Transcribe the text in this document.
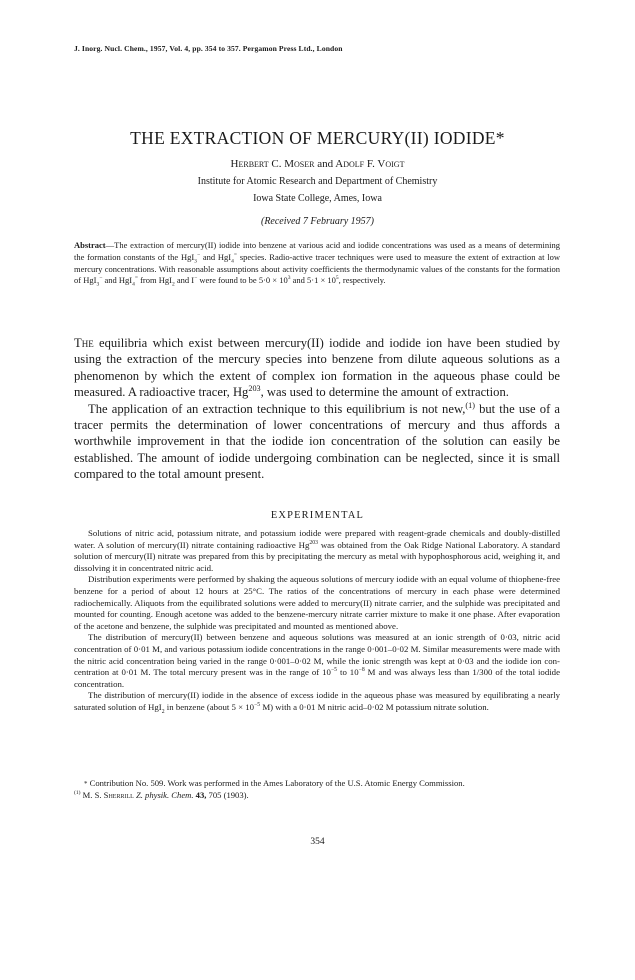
J. Inorg. Nucl. Chem., 1957, Vol. 4, pp. 354 to 357. Pergamon Press Ltd., London
THE EXTRACTION OF MERCURY(II) IODIDE*
Herbert C. Moser and Adolf F. Voigt
Institute for Atomic Research and Department of Chemistry
Iowa State College, Ames, Iowa
(Received 7 February 1957)
Abstract—The extraction of mercury(II) iodide into benzene at various acid and iodide concentrations was used as a means of determining the formation constants of the HgI$_3$− and HgI$_4$= species. Radio-active tracer techniques were used to measure the extent of extraction at low mercury concentrations. With reasonable assumptions about activity coefficients the thermodynamic values of the constants for the formation of HgI$_3$− and HgI$_4$= from HgI$_2$ and I− were found to be $5\cdot 0 \times 10^3$ and $5\cdot 1 \times 10^5$, respectively.

The equilibria which exist between mercury(II) iodide and iodide ion have been studied by using the extraction of the mercury species into benzene from dilute aqueous solutions as a phenomenon by which the extent of complex ion formation in the aqueous phase could be measured. A radioactive tracer, Hg$^{203}$, was used to determine the amount of extraction.

The application of an extraction technique to this equilibrium is not new,$^{(1)}$ but the use of a tracer permits the determination of lower concentrations of mercury and thus affords a worthwhile improvement in that the iodide ion concentration of the solution can easily be established. The amount of iodide undergoing combination can be neglected, since it is small compared to the total amount present.

EXPERIMENTAL

Solutions of nitric acid, potassium nitrate, and potassium iodide were prepared with reagent-grade chemicals and doubly-distilled water. A solution of mercury(II) nitrate containing radioactive Hg$^{203}$ was obtained from the Oak Ridge National Laboratory. A standard solution of mercury(II) nitrate was prepared from this by precipitating the mercury as metal with hypophosphorous acid, weighing it, and dissolving it in concentrated nitric acid.

Distribution experiments were performed by shaking the aqueous solutions of mercury iodide with an equal volume of thiophene-free benzene for a period of about 12 hours at 25°C. The ratios of the concentrations of mercury in each phase were determined radiochemically. Aliquots from the equilibrated solutions were added to mercury(II) nitrate carrier, and the sulphide was precipitated and mounted for counting. Enough acetone was added to the benzene-mercury nitrate carrier mixture to make it one phase. After evaporation of the acetone and benzene, the sulphide was precipitated and mounted as mentioned above.

The distribution of mercury(II) between benzene and aqueous solutions was measured at an ionic strength of 0·03, nitric acid concentration of 0·01 M, and various potassium iodide concentrations in the range 0·001–0·02 M. Similar measurements were made with the nitric acid concentration being varied in the range 0·001–0·02 M, while the ionic strength was kept at 0·03 and the iodide ion con-centration at 0·01 M. The total mercury present was in the range of $10^{-5}$ to $10^{-8}$ M and was always less than 1/300 of the total iodide concentration.

The distribution of mercury(II) iodide in the absence of excess iodide in the aqueous phase was measured by equilibrating a nearly saturated solution of HgI$_2$ in benzene (about $5 \times 10^{-5}$ M) with a 0·01 M nitric acid–0·02 M potassium nitrate solution.

* Contribution No. 509. Work was performed in the Ames Laboratory of the U.S. Atomic Energy Commission.

$^{(1)}$ M. S. Sherrill Z. physik. Chem. 43, 705 (1903).

354
